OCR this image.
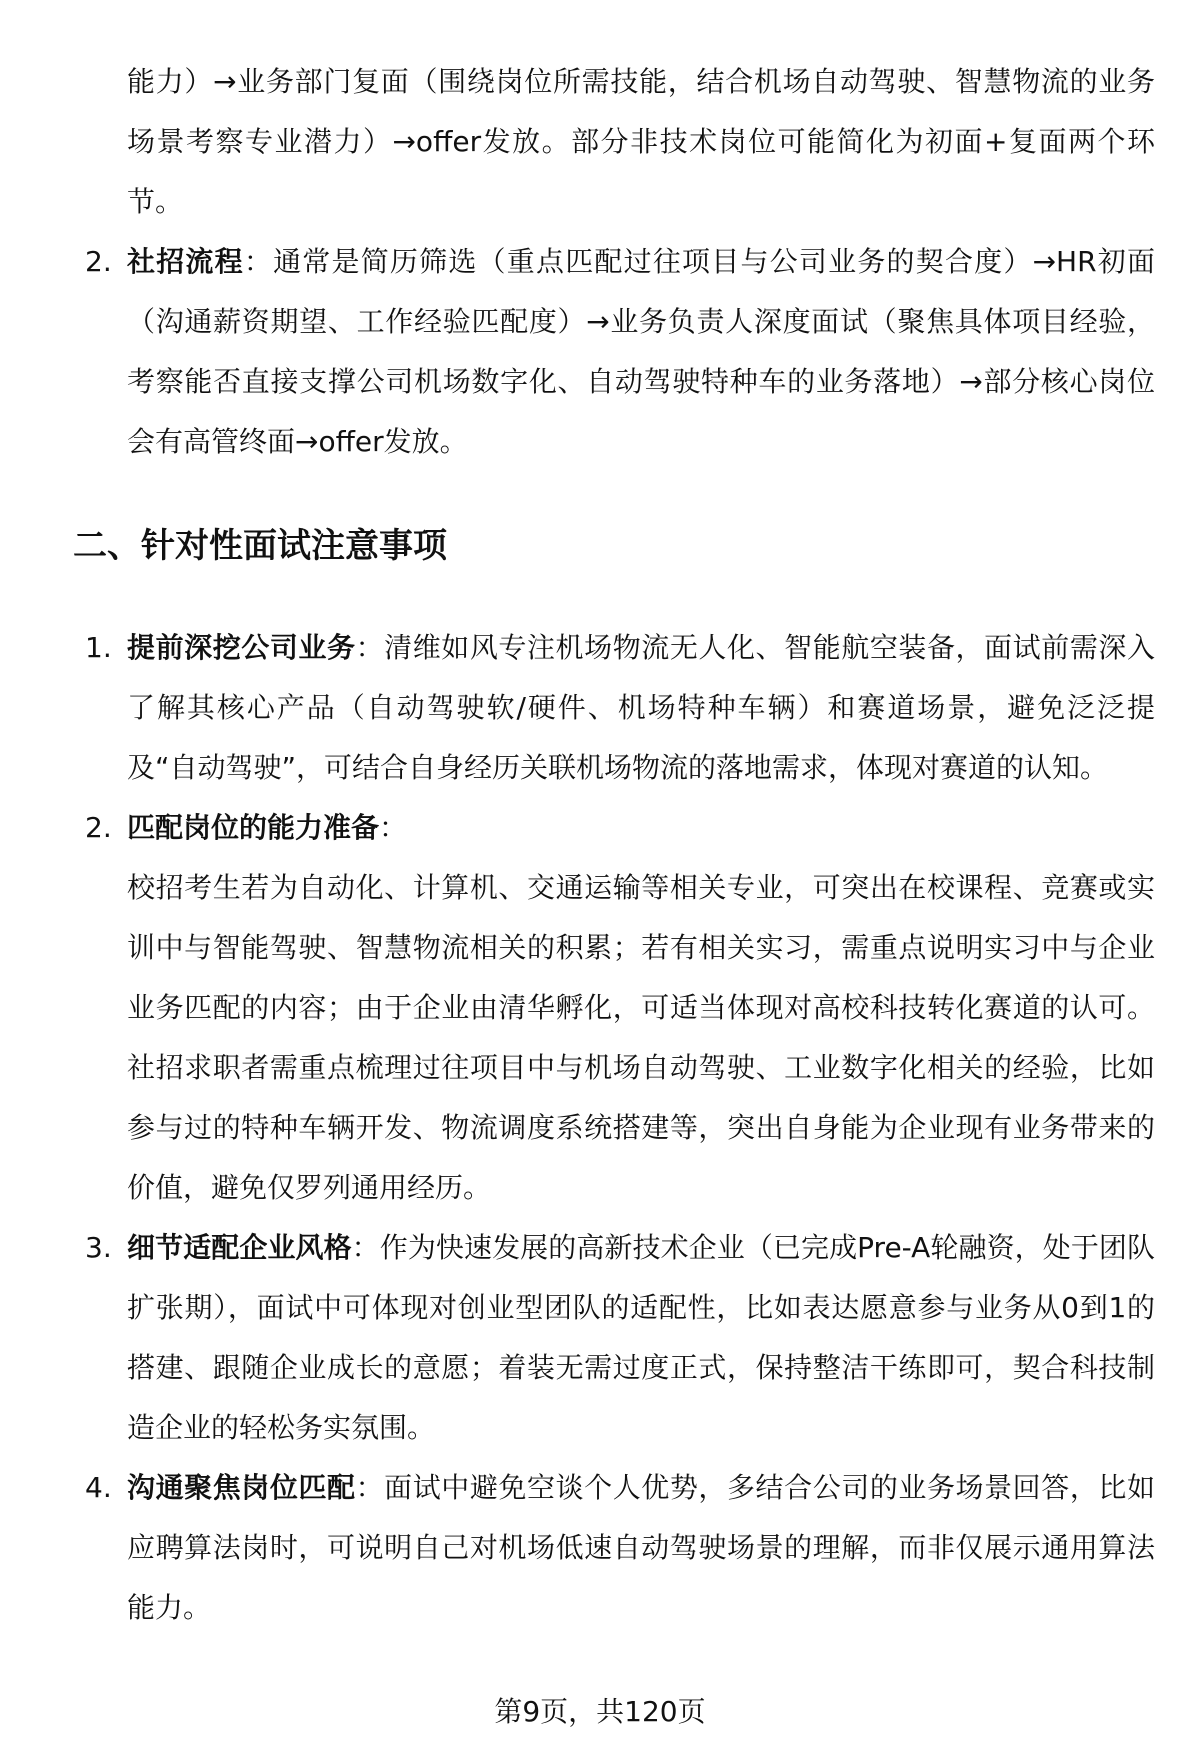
能力）→业务部门复面（围绕岗位所需技能，结合机场自动驾驶、智慧物流的业务场景考察专业潜力）→offer发放。部分非技术岗位可能简化为初面+复面两个环节。

2. 社招流程：通常是简历筛选（重点匹配过往项目与公司业务的契合度）→HR初面（沟通薪资期望、工作经验匹配度）→业务负责人深度面试（聚焦具体项目经验，考察能否直接支撑公司机场数字化、自动驾驶特种车的业务落地）→部分核心岗位会有高管终面→offer发放。
二、针对性面试注意事项
1. 提前深挖公司业务：清维如风专注机场物流无人化、智能航空装备，面试前需深入了解其核心产品（自动驾驶软/硬件、机场特种车辆）和赛道场景，避免泛泛提及“自动驾驶”，可结合自身经历关联机场物流的落地需求，体现对赛道的认知。
2. 匹配岗位的能力准备：
校招考生若为自动化、计算机、交通运输等相关专业，可突出在校课程、竞赛或实训中与智能驾驶、智慧物流相关的积累；若有相关实习，需重点说明实习中与企业业务匹配的内容；由于企业由清华孵化，可适当体现对高校科技转化赛道的认可。社招求职者需重点梳理过往项目中与机场自动驾驶、工业数字化相关的经验，比如参与过的特种车辆开发、物流调度系统搭建等，突出自身能为企业现有业务带来的价值，避免仅罗列通用经历。
3. 细节适配企业风格：作为快速发展的高新技术企业（已完成Pre-A轮融资，处于团队扩张期），面试中可体现对创业型团队的适配性，比如表达愿意参与业务从0到1的搭建、跟随企业成长的意愿；着装无需过度正式，保持整洁干练即可，契合科技制造企业的轻松务实氛围。
4. 沟通聚焦岗位匹配：面试中避免空谈个人优势，多结合公司的业务场景回答，比如应聘算法岗时，可说明自己对机场低速自动驾驶场景的理解，而非仅展示通用算法能力。
第9页，共120页
